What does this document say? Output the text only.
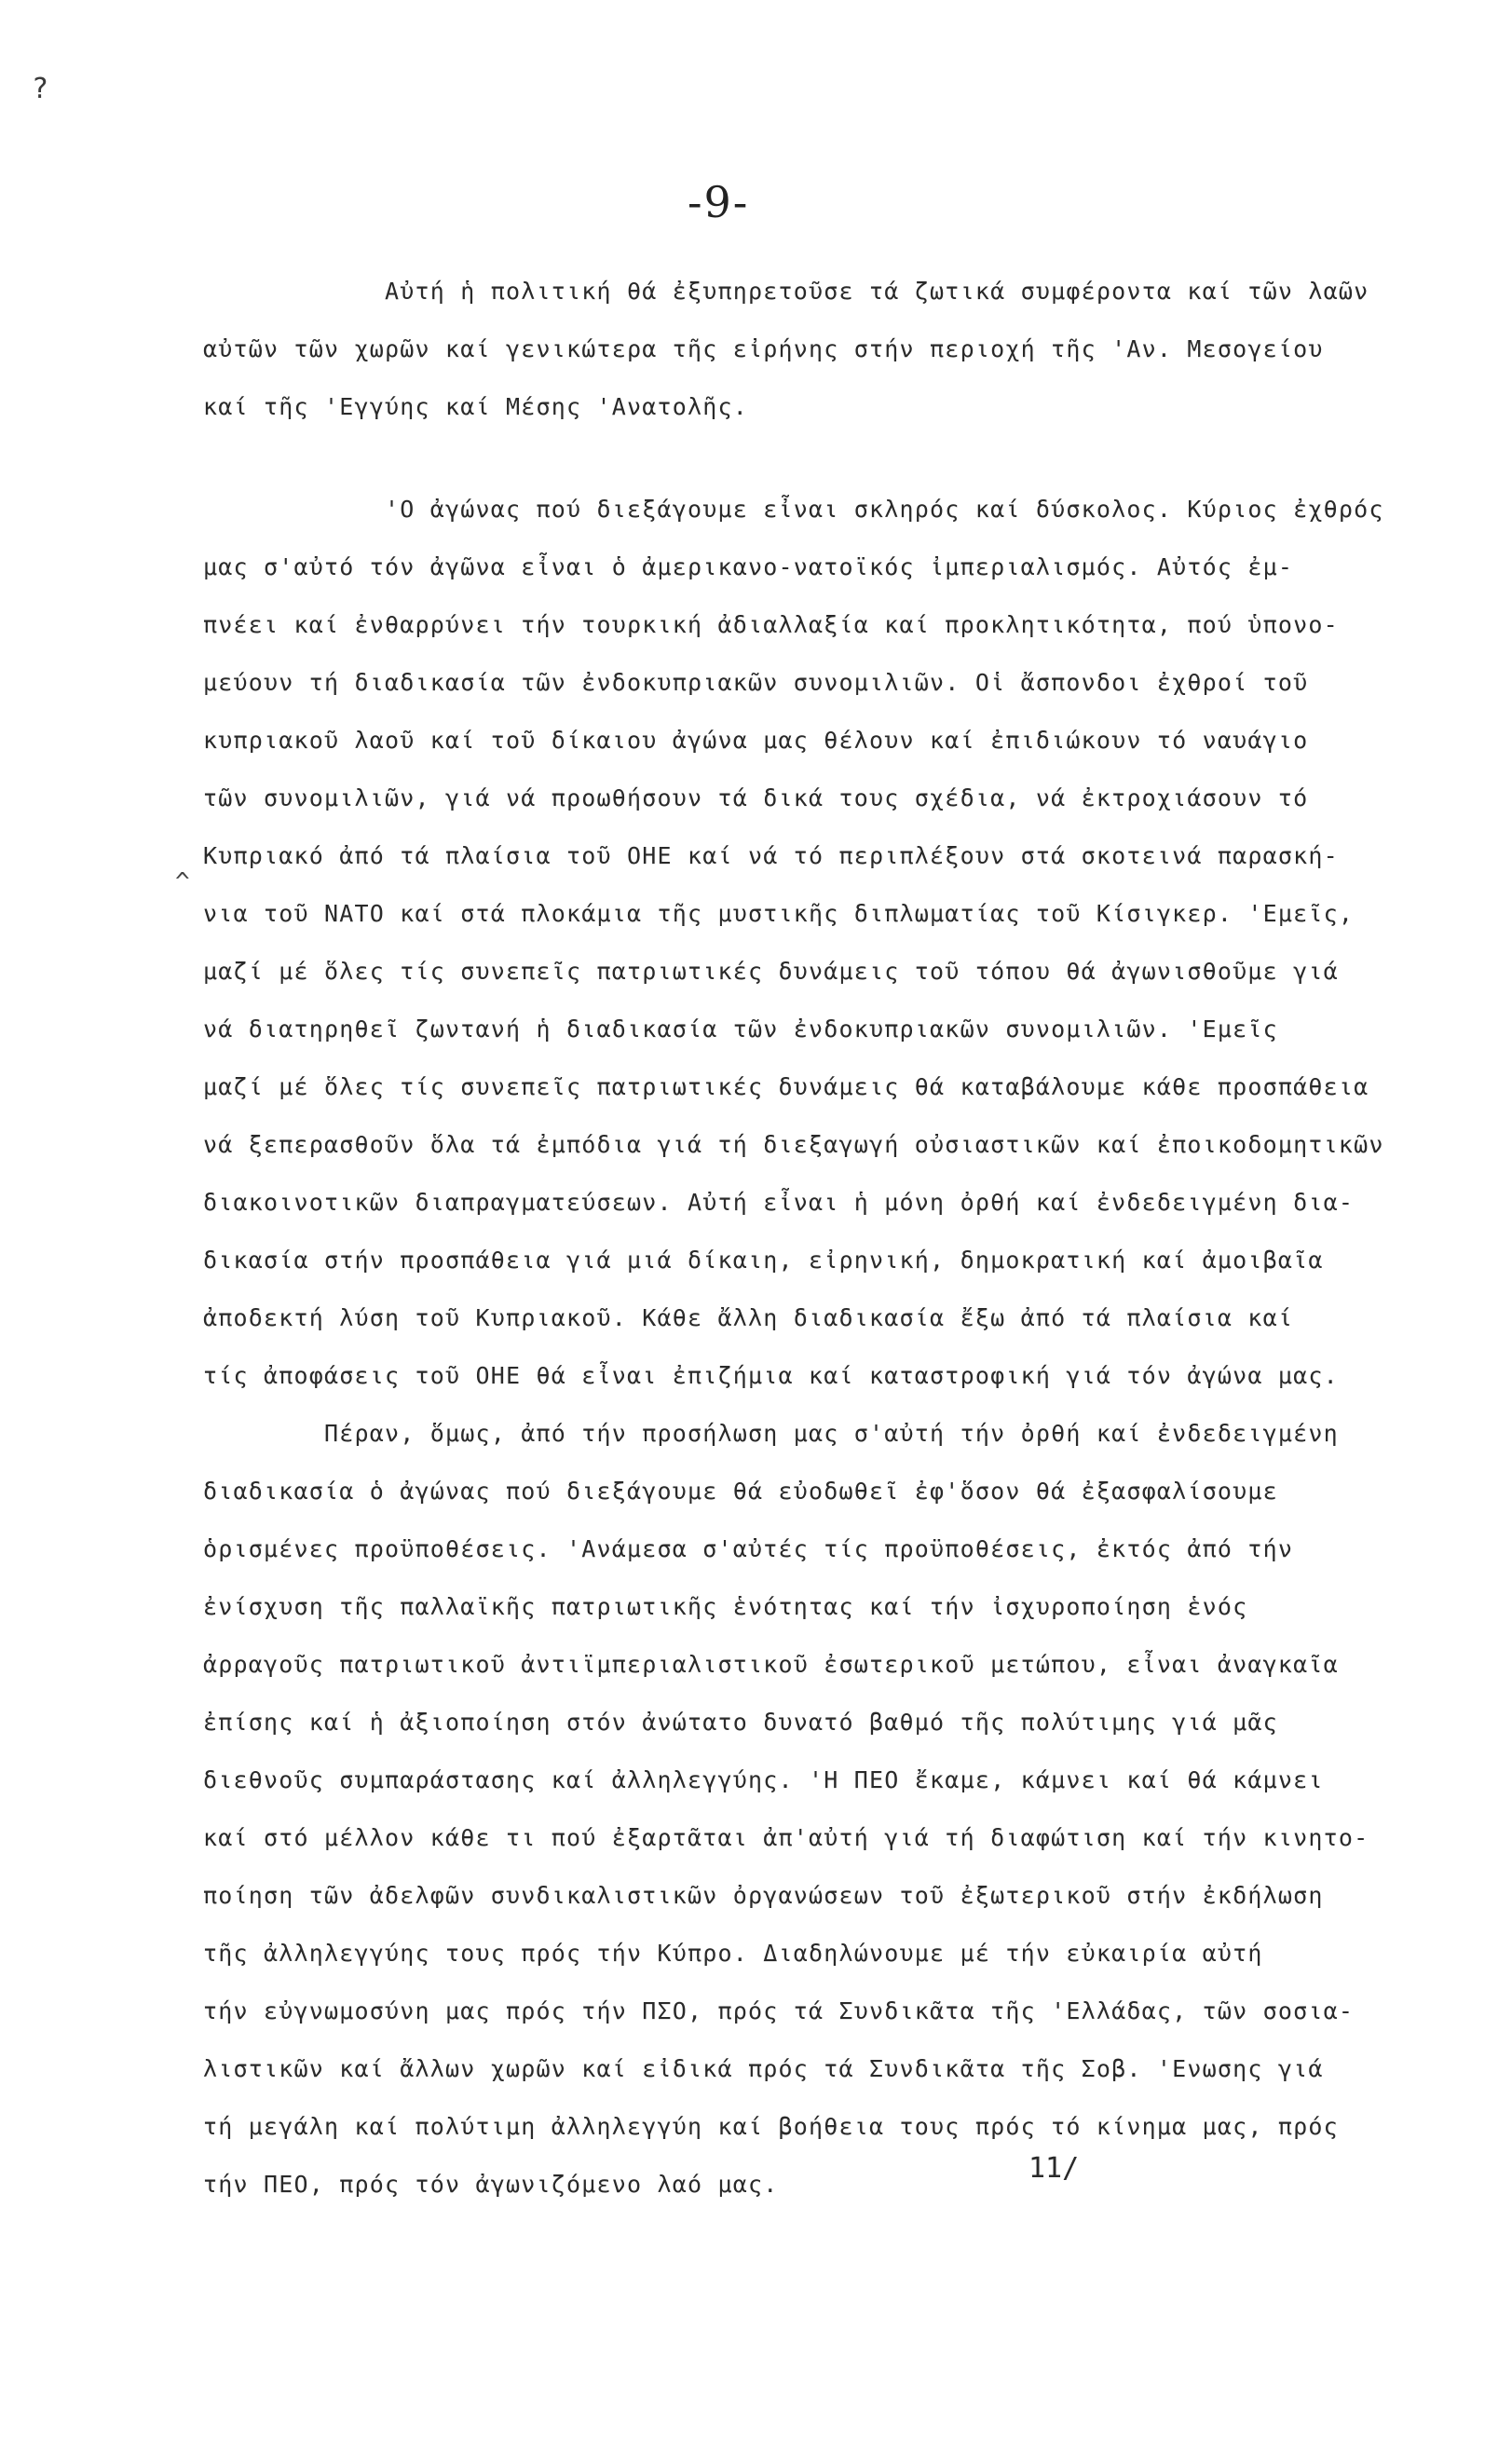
?
-9-
^
Αὐτή ἡ πολιτική θά ἐξυπηρετοῦσε τά ζωτικά συμφέροντα καί τῶν λαῶν
αὐτῶν τῶν χωρῶν καί γενικώτερα τῆς εἰρήνης στήν περιοχή τῆς 'Αν. Μεσογείου
καί τῆς 'Εγγύης καί Μέσης 'Ανατολῆς.
'Ο ἀγώνας πού διεξάγουμε εἶναι σκληρός καί δύσκολος. Κύριος ἐχθρός
μας σ'αὐτό τόν ἀγῶνα εἶναι ὁ ἀμερικανο-νατοϊκός ἰμπεριαλισμός. Αὐτός ἐμ-
πνέει καί ἐνθαρρύνει τήν τουρκική ἀδιαλλαξία καί προκλητικότητα, πού ὑπονο-
μεύουν τή διαδικασία τῶν ἐνδοκυπριακῶν συνομιλιῶν. Οἱ ἄσπονδοι ἐχθροί τοῦ
κυπριακοῦ λαοῦ καί τοῦ δίκαιου ἀγώνα μας θέλουν καί ἐπιδιώκουν τό ναυάγιο
τῶν συνομιλιῶν, γιά νά προωθήσουν τά δικά τους σχέδια, νά ἐκτροχιάσουν τό
Κυπριακό ἀπό τά πλαίσια τοῦ ΟΗΕ καί νά τό περιπλέξουν στά σκοτεινά παρασκή-
νια τοῦ ΝΑΤΟ καί στά πλοκάμια τῆς μυστικῆς διπλωματίας τοῦ Κίσιγκερ. 'Εμεῖς,
μαζί μέ ὅλες τίς συνεπεῖς πατριωτικές δυνάμεις τοῦ τόπου θά ἀγωνισθοῦμε γιά
νά διατηρηθεῖ ζωντανή ἡ διαδικασία τῶν ἐνδοκυπριακῶν συνομιλιῶν. 'Εμεῖς
μαζί μέ ὅλες τίς συνεπεῖς πατριωτικές δυνάμεις θά καταβάλουμε κάθε προσπάθεια
νά ξεπερασθοῦν ὅλα τά ἐμπόδια γιά τή διεξαγωγή οὐσιαστικῶν καί ἐποικοδομητικῶν
διακοινοτικῶν διαπραγματεύσεων. Αὐτή εἶναι ἡ μόνη ὀρθή καί ἐνδεδειγμένη δια-
δικασία στήν προσπάθεια γιά μιά δίκαιη, εἰρηνική, δημοκρατική καί ἀμοιβαῖα
ἀποδεκτή λύση τοῦ Κυπριακοῦ. Κάθε ἄλλη διαδικασία ἔξω ἀπό τά πλαίσια καί
τίς ἀποφάσεις τοῦ ΟΗΕ θά εἶναι ἐπιζήμια καί καταστροφική γιά τόν ἀγώνα μας.
Πέραν, ὅμως, ἀπό τήν προσήλωση μας σ'αὐτή τήν ὀρθή καί ἐνδεδειγμένη
διαδικασία ὁ ἀγώνας πού διεξάγουμε θά εὐοδωθεῖ ἐφ'ὅσον θά ἐξασφαλίσουμε
ὁρισμένες προϋποθέσεις. 'Ανάμεσα σ'αὐτές τίς προϋποθέσεις, ἐκτός ἀπό τήν
ἐνίσχυση τῆς παλλαϊκῆς πατριωτικῆς ἑνότητας καί τήν ἰσχυροποίηση ἑνός
ἀρραγοῦς πατριωτικοῦ ἀντιϊμπεριαλιστικοῦ ἐσωτερικοῦ μετώπου, εἶναι ἀναγκαῖα
ἐπίσης καί ἡ ἀξιοποίηση στόν ἀνώτατο δυνατό βαθμό τῆς πολύτιμης γιά μᾶς
διεθνοῦς συμπαράστασης καί ἀλληλεγγύης. 'Η ΠΕΟ ἔκαμε, κάμνει καί θά κάμνει
καί στό μέλλον κάθε τι πού ἐξαρτᾶται ἀπ'αὐτή γιά τή διαφώτιση καί τήν κινητο-
ποίηση τῶν ἀδελφῶν συνδικαλιστικῶν ὀργανώσεων τοῦ ἐξωτερικοῦ στήν ἐκδήλωση
τῆς ἀλληλεγγύης τους πρός τήν Κύπρο. Διαδηλώνουμε μέ τήν εὐκαιρία αὐτή
τήν εὐγνωμοσύνη μας πρός τήν ΠΣΟ, πρός τά Συνδικᾶτα τῆς 'Ελλάδας, τῶν σοσια-
λιστικῶν καί ἄλλων χωρῶν καί εἰδικά πρός τά Συνδικᾶτα τῆς Σοβ. 'Ενωσης γιά
τή μεγάλη καί πολύτιμη ἀλληλεγγύη καί βοήθεια τους πρός τό κίνημα μας, πρός
τήν ΠΕΟ, πρός τόν ἀγωνιζόμενο λαό μας.	11/
